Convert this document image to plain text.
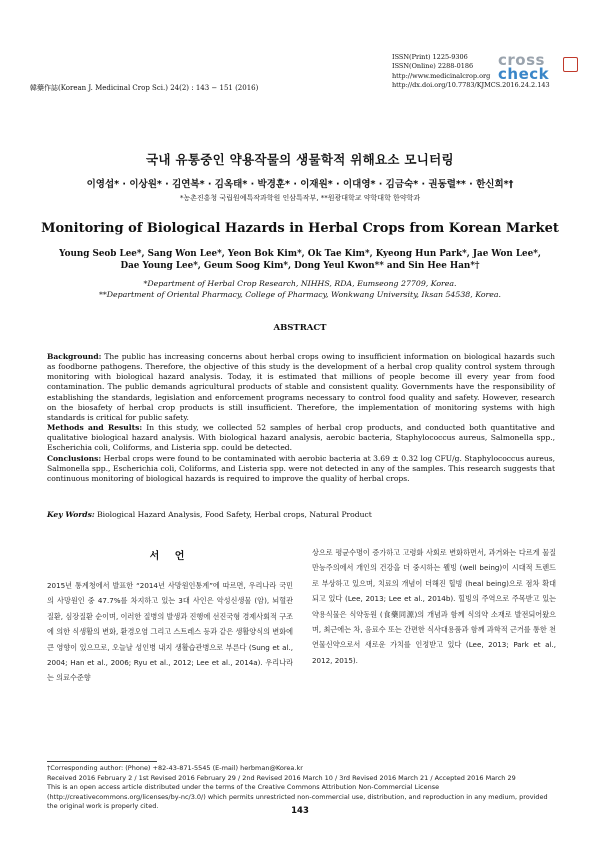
韓藥作誌(Korean J. Medicinal Crop Sci.) 24(2) : 143 − 151 (2016)
ISSN(Print) 1225-9306
ISSN(Online) 2288-0186
http://www.medicinalcrop.org
http://dx.doi.org/10.7783/KJMCS.2016.24.2.143
cross
check
국내 유통중인 약용작물의 생물학적 위해요소 모니터링
이영섭* · 이상원* · 김연복* · 김옥태* · 박경훈* · 이재원* · 이대영* · 김금숙* · 권동렬** · 한신희*†
*농촌진흥청 국립원예특작과학원 인삼특작부, **원광대학교 약학대학 한약학과
Monitoring of Biological Hazards in Herbal Crops from Korean Market
Young Seob Lee*, Sang Won Lee*, Yeon Bok Kim*, Ok Tae Kim*, Kyeong Hun Park*, Jae Won Lee*,
Dae Young Lee*, Geum Soog Kim*, Dong Yeul Kwon** and Sin Hee Han*†
*Department of Herbal Crop Research, NIHHS, RDA, Eumseong 27709, Korea.
**Department of Oriental Pharmacy, College of Pharmacy, Wonkwang University, Iksan 54538, Korea.
ABSTRACT

Background: The public has increasing concerns about herbal crops owing to insufficient information on biological hazards such as foodborne pathogens. Therefore, the objective of this study is the development of a herbal crop quality control system through monitoring with biological hazard analysis. Today, it is estimated that millions of people become ill every year from food contamination. The public demands agricultural products of stable and consistent quality. Governments have the responsibility of establishing the standards, legislation and enforcement programs necessary to control food quality and safety. However, research on the biosafety of herbal crop products is still insufficient. Therefore, the implementation of monitoring systems with high standards is critical for public safety.

Methods and Results: In this study, we collected 52 samples of herbal crop products, and conducted both quantitative and qualitative biological hazard analysis. With biological hazard analysis, aerobic bacteria, Staphylococcus aureus, Salmonella spp., Escherichia coli, Coliforms, and Listeria spp. could be detected.

Conclusions: Herbal crops were found to be contaminated with aerobic bacteria at 3.69 ± 0.32 log CFU/g. Staphylococcus aureus, Salmonella spp., Escherichia coli, Coliforms, and Listeria spp. were not detected in any of the samples. This research suggests that continuous monitoring of biological hazards is required to improve the quality of herbal crops.

Key Words: Biological Hazard Analysis, Food Safety, Herbal crops, Natural Product
서 언
2015년 통계청에서 발표한 “2014년 사망원인통계”에 따르면, 우리나라 국민의 사망원인 중 47.7%를 차지하고 있는 3대 사인은 악성신생물 (암), 뇌혈관 질환, 심장질환 순이며, 이러한 질병의 발생과 진행에 선진국형 경제사회적 구조에 의한 식생활의 변화, 환경오염 그리고 스트레스 등과 같은 생활양식의 변화에 큰 영향이 있으므로, 오늘날 성인병 내지 생활습관병으로 부른다 (Sung et al., 2004; Han et al., 2006; Ryu et al., 2012; Lee et al., 2014a). 우리나라는 의료수준향
상으로 평균수명이 증가하고 고령화 사회로 변화하면서, 과거와는 다르게 물질만능주의에서 개인의 건강을 더 중시하는 웰빙 (well being)이 시대적 트렌드로 부상하고 있으며, 치료의 개념이 더해진 힐빙 (heal being)으로 점차 확대되고 있다 (Lee, 2013; Lee et al., 2014b). 힐빙의 주역으로 주목받고 있는 약용식물은 식약동원 (食藥同源)의 개념과 함께 식의약 소재로 발전되어왔으며, 최근에는 차, 음료수 또는 간편한 식사대용품과 함께 과학적 근거를 통한 천연물신약으로서 새로운 가치를 인정받고 있다 (Lee, 2013; Park et al., 2012, 2015).
†Corresponding author: (Phone) +82-43-871-5545 (E-mail) herbman@Korea.kr
Received 2016 February 2 / 1st Revised 2016 February 29 / 2nd Revised 2016 March 10 / 3rd Revised 2016 March 21 / Accepted 2016 March 29
This is an open access article distributed under the terms of the Creative Commons Attribution Non-Commercial License (http://creativecommons.org/licenses/by-nc/3.0/) which permits unrestricted non-commercial use, distribution, and reproduction in any medium, provided the original work is properly cited.	143
